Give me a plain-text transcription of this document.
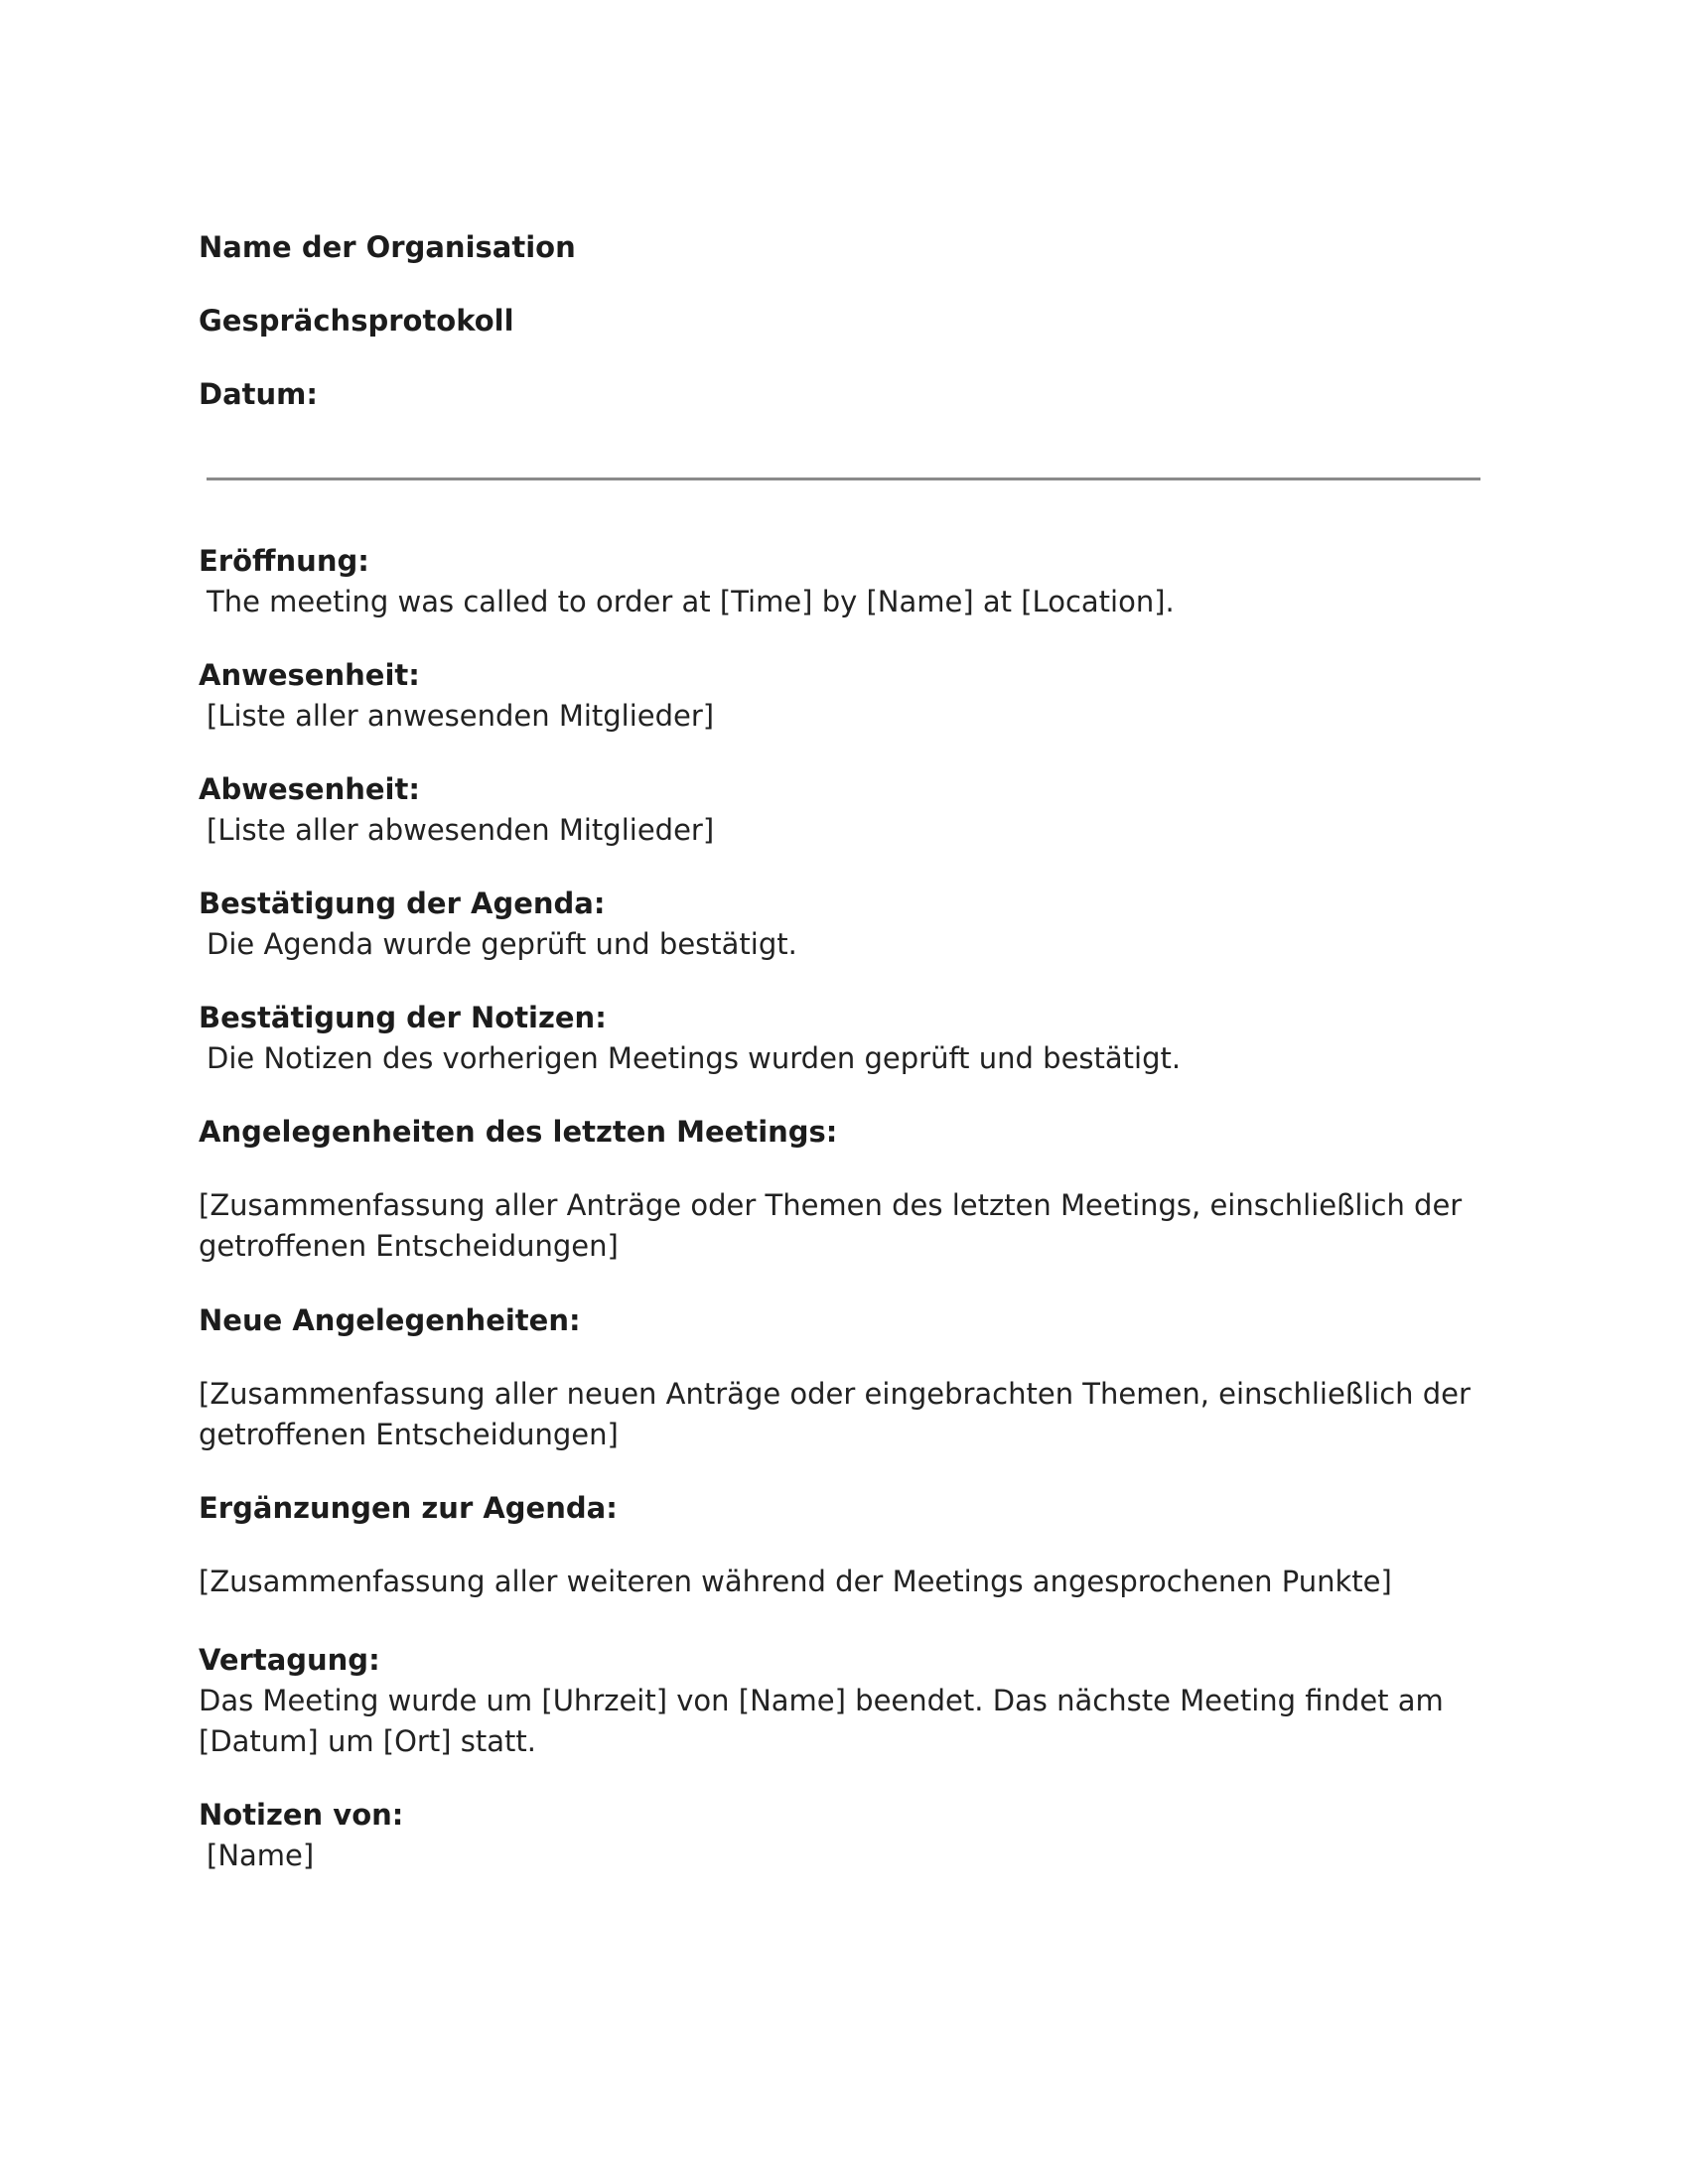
Name der Organisation
Gesprächsprotokoll
Datum:
Eröffnung:
The meeting was called to order at [Time] by [Name] at [Location].
Anwesenheit:
[Liste aller anwesenden Mitglieder]
Abwesenheit:
[Liste aller abwesenden Mitglieder]
Bestätigung der Agenda:
Die Agenda wurde geprüft und bestätigt.
Bestätigung der Notizen:
Die Notizen des vorherigen Meetings wurden geprüft und bestätigt.
Angelegenheiten des letzten Meetings:
[Zusammenfassung aller Anträge oder Themen des letzten Meetings, einschließlich der getroffenen Entscheidungen]
Neue Angelegenheiten:
[Zusammenfassung aller neuen Anträge oder eingebrachten Themen, einschließlich der getroffenen Entscheidungen]
Ergänzungen zur Agenda:
[Zusammenfassung aller weiteren während der Meetings angesprochenen Punkte]
Vertagung:
Das Meeting wurde um [Uhrzeit] von [Name] beendet. Das nächste Meeting findet am [Datum] um [Ort] statt.
Notizen von:
[Name]
